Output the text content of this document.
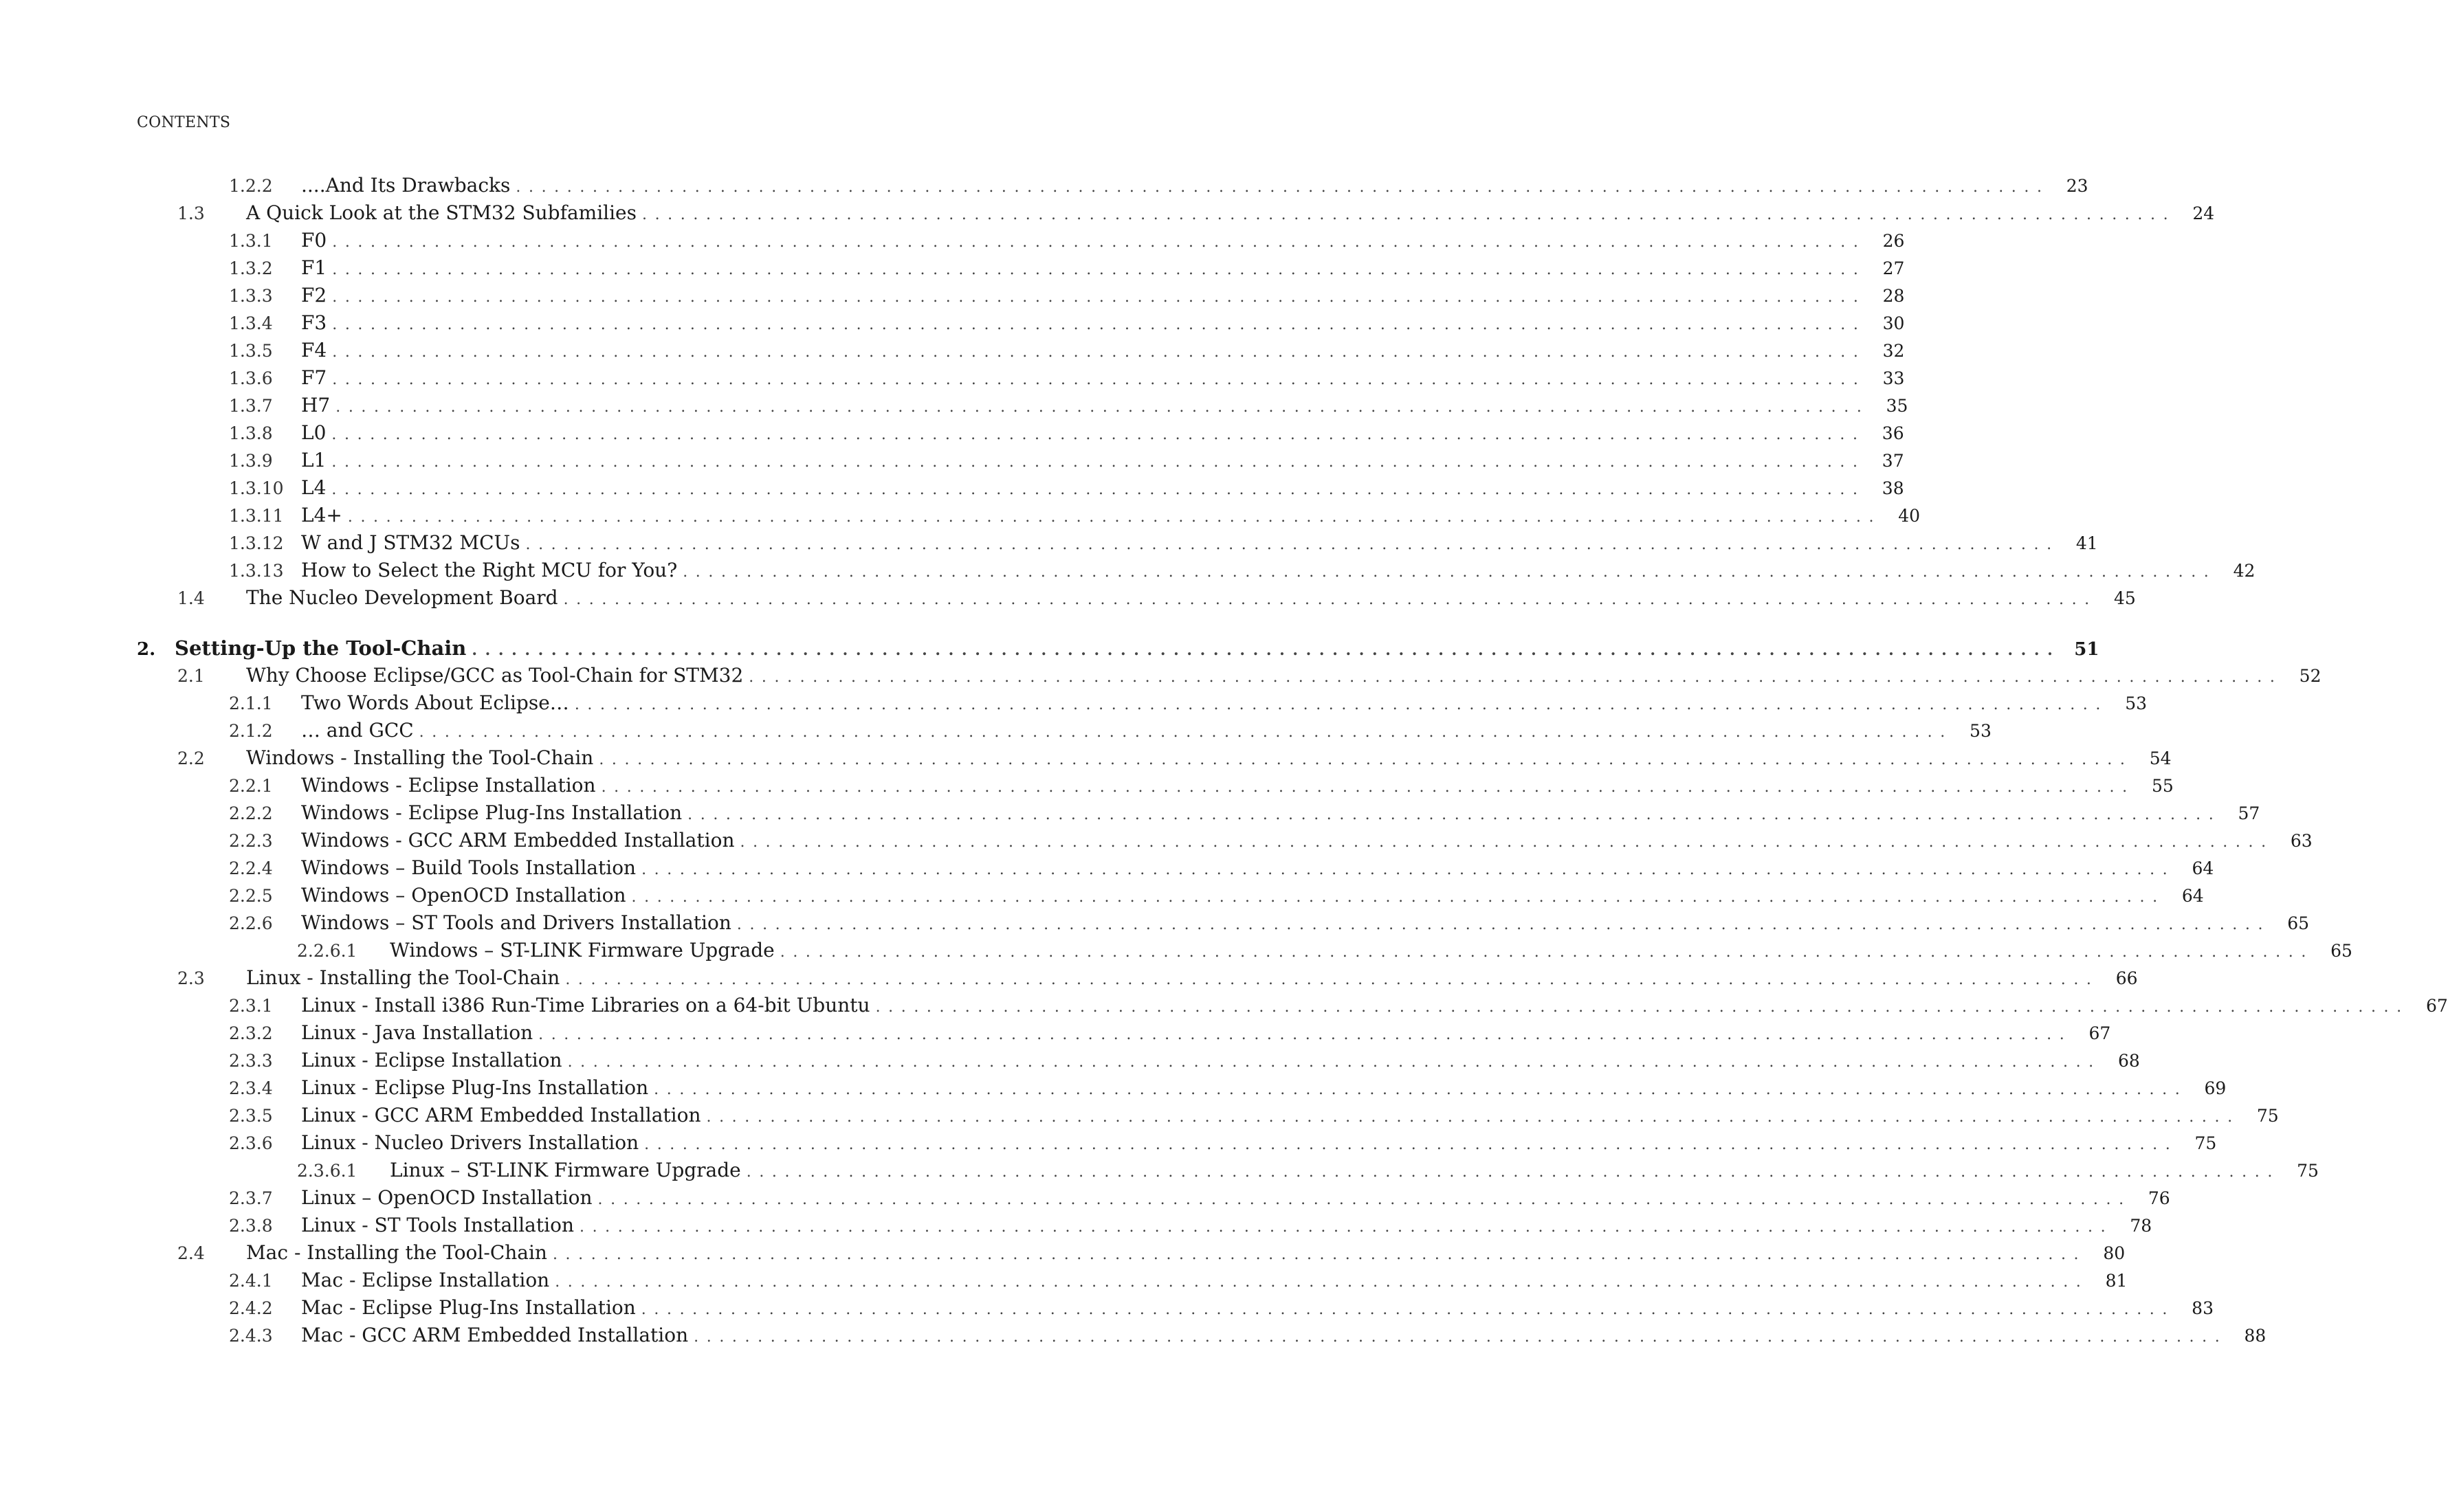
CONTENTS
1.2.2	....And Its Drawbacks ........................................................................................................................ 23
1.3	A Quick Look at the STM32 Subfamilies ........................................................................................................................ 24
1.3.1	F0 ........................................................................................................................ 26
1.3.2	F1 ........................................................................................................................ 27
1.3.3	F2 ........................................................................................................................ 28
1.3.4	F3 ........................................................................................................................ 30
1.3.5	F4 ........................................................................................................................ 32
1.3.6	F7 ........................................................................................................................ 33
1.3.7	H7 ........................................................................................................................ 35
1.3.8	L0 ........................................................................................................................ 36
1.3.9	L1 ........................................................................................................................ 37
1.3.10 L4 ........................................................................................................................ 38
1.3.11 L4+ ........................................................................................................................ 40
1.3.12 W and J STM32 MCUs ........................................................................................................................ 41
1.3.13 How to Select the Right MCU for You? ........................................................................................................................ 42
1.4	The Nucleo Development Board ........................................................................................................................ 45
2. Setting-Up the Tool-Chain ........................................................................................................................ 51
2.1	Why Choose Eclipse/GCC as Tool-Chain for STM32 ........................................................................................................................ 52
2.1.1	Two Words About Eclipse… ........................................................................................................................ 53
2.1.2	… and GCC ........................................................................................................................ 53
2.2	Windows - Installing the Tool-Chain ........................................................................................................................ 54
2.2.1	Windows - Eclipse Installation ........................................................................................................................ 55
2.2.2	Windows - Eclipse Plug-Ins Installation ........................................................................................................................ 57
2.2.3	Windows - GCC ARM Embedded Installation ........................................................................................................................ 63
2.2.4	Windows – Build Tools Installation ........................................................................................................................ 64
2.2.5	Windows – OpenOCD Installation ........................................................................................................................ 64
2.2.6	Windows – ST Tools and Drivers Installation ........................................................................................................................ 65
2.2.6.1	Windows – ST-LINK Firmware Upgrade ........................................................................................................................ 65
2.3	Linux - Installing the Tool-Chain ........................................................................................................................ 66
2.3.1	Linux - Install i386 Run-Time Libraries on a 64-bit Ubuntu ........................................................................................................................ 67
2.3.2	Linux - Java Installation ........................................................................................................................ 67
2.3.3	Linux - Eclipse Installation ........................................................................................................................ 68
2.3.4	Linux - Eclipse Plug-Ins Installation ........................................................................................................................ 69
2.3.5	Linux - GCC ARM Embedded Installation ........................................................................................................................ 75
2.3.6	Linux - Nucleo Drivers Installation ........................................................................................................................ 75
2.3.6.1	Linux – ST-LINK Firmware Upgrade ........................................................................................................................ 75
2.3.7	Linux – OpenOCD Installation ........................................................................................................................ 76
2.3.8	Linux - ST Tools Installation ........................................................................................................................ 78
2.4	Mac - Installing the Tool-Chain ........................................................................................................................ 80
2.4.1	Mac - Eclipse Installation ........................................................................................................................ 81
2.4.2	Mac - Eclipse Plug-Ins Installation ........................................................................................................................ 83
2.4.3	Mac - GCC ARM Embedded Installation ........................................................................................................................ 88
